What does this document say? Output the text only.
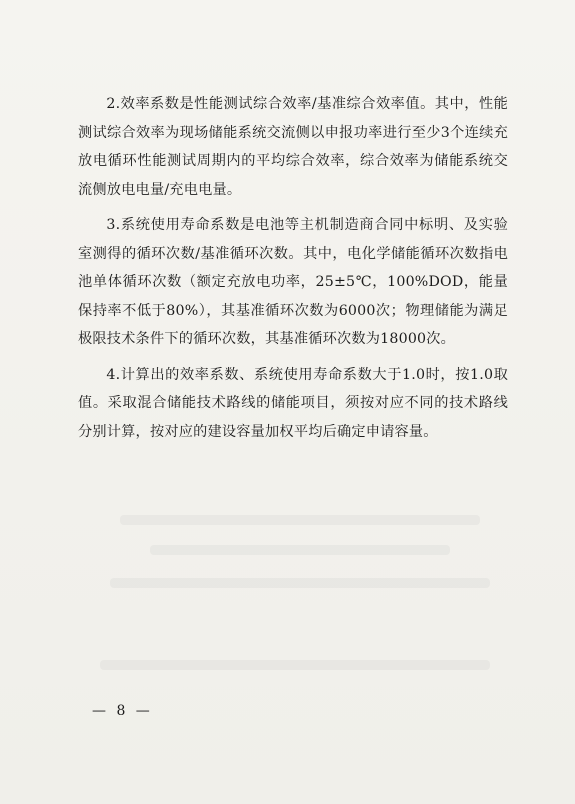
2.效率系数是性能测试综合效率/基准综合效率值。其中，性能测试综合效率为现场储能系统交流侧以申报功率进行至少3个连续充放电循环性能测试周期内的平均综合效率，综合效率为储能系统交流侧放电电量/充电电量。

3.系统使用寿命系数是电池等主机制造商合同中标明、及实验室测得的循环次数/基准循环次数。其中，电化学储能循环次数指电池单体循环次数（额定充放电功率，25±5℃，100%DOD，能量保持率不低于80%），其基准循环次数为6000次；物理储能为满足极限技术条件下的循环次数，其基准循环次数为18000次。

4.计算出的效率系数、系统使用寿命系数大于1.0时，按1.0取值。采取混合储能技术路线的储能项目，须按对应不同的技术路线分别计算，按对应的建设容量加权平均后确定申请容量。

— 8 —
